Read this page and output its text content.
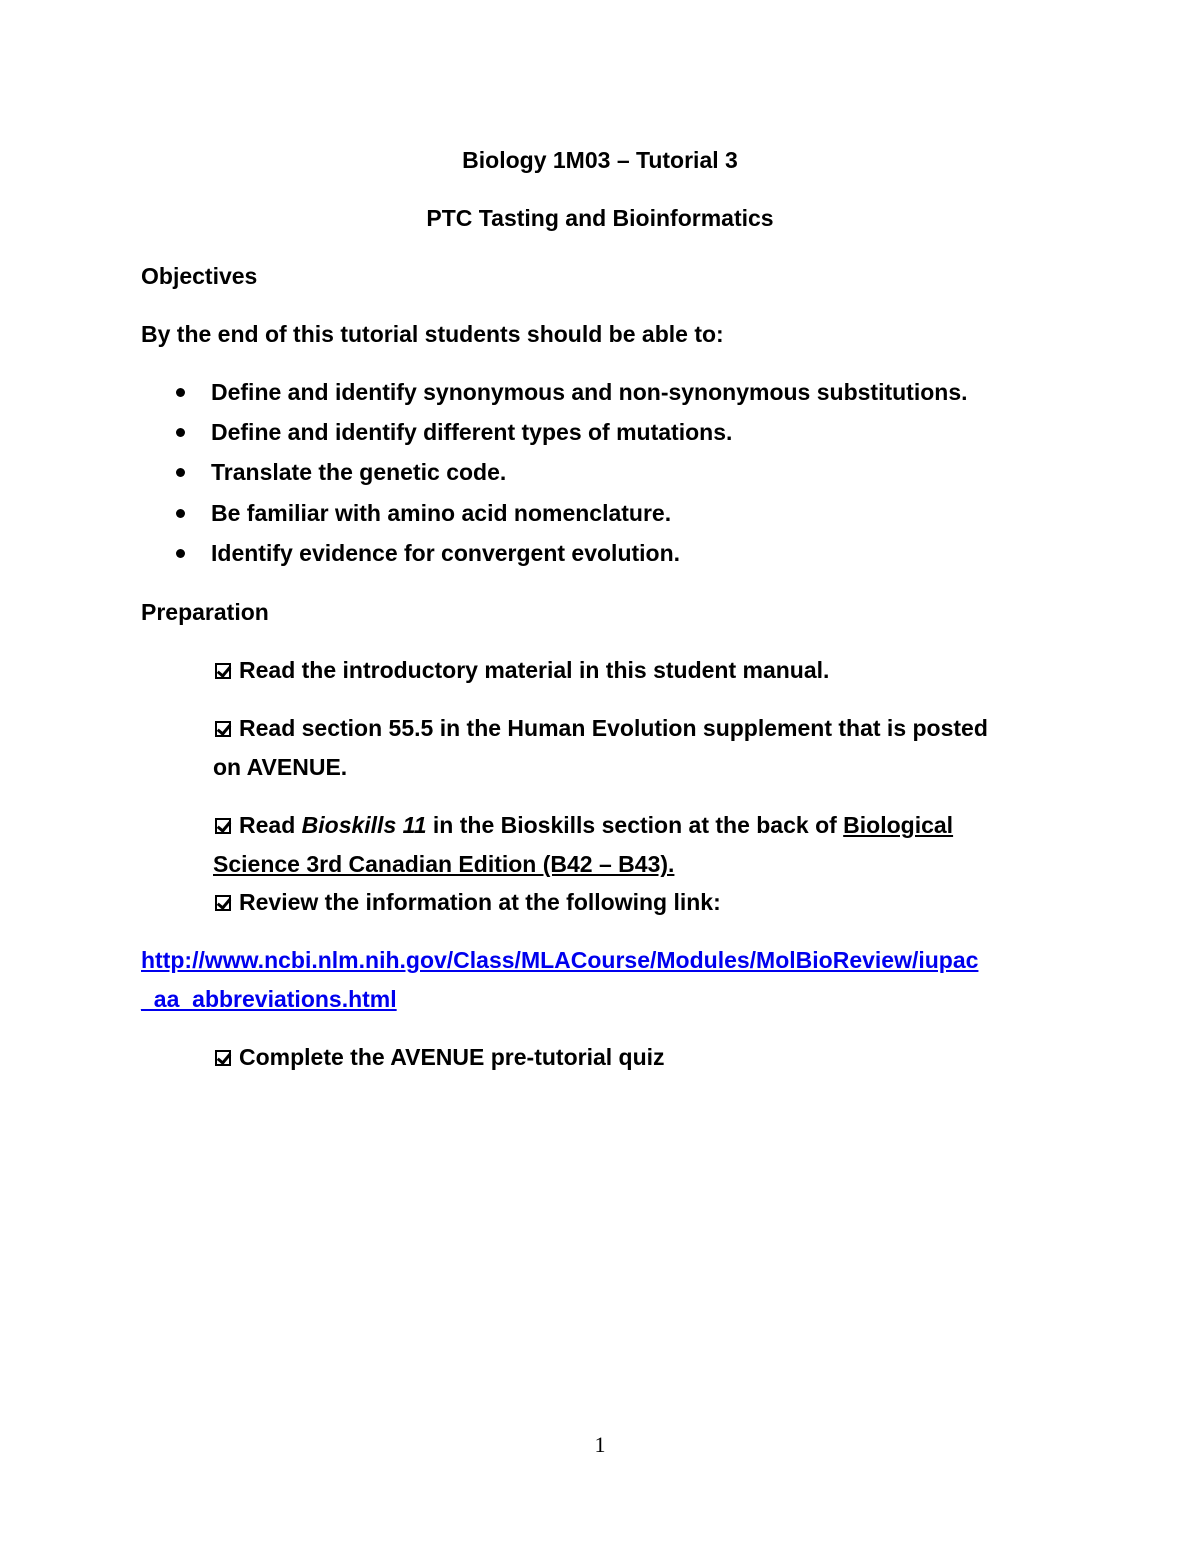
Biology 1M03 – Tutorial 3
PTC Tasting and Bioinformatics
Objectives
By the end of this tutorial students should be able to:
Define and identify synonymous and non-synonymous substitutions.
Define and identify different types of mutations.
Translate the genetic code.
Be familiar with amino acid nomenclature.
Identify evidence for convergent evolution.
Preparation
Read the introductory material in this student manual.
Read section 55.5 in the Human Evolution supplement that is posted
on AVENUE.
Read Bioskills 11 in the Bioskills section at the back of Biological
Science 3rd Canadian Edition (B42 – B43).
Review the information at the following link:
http://www.ncbi.nlm.nih.gov/Class/MLACourse/Modules/MolBioReview/iupac
_aa_abbreviations.html
Complete the AVENUE pre-tutorial quiz
1
